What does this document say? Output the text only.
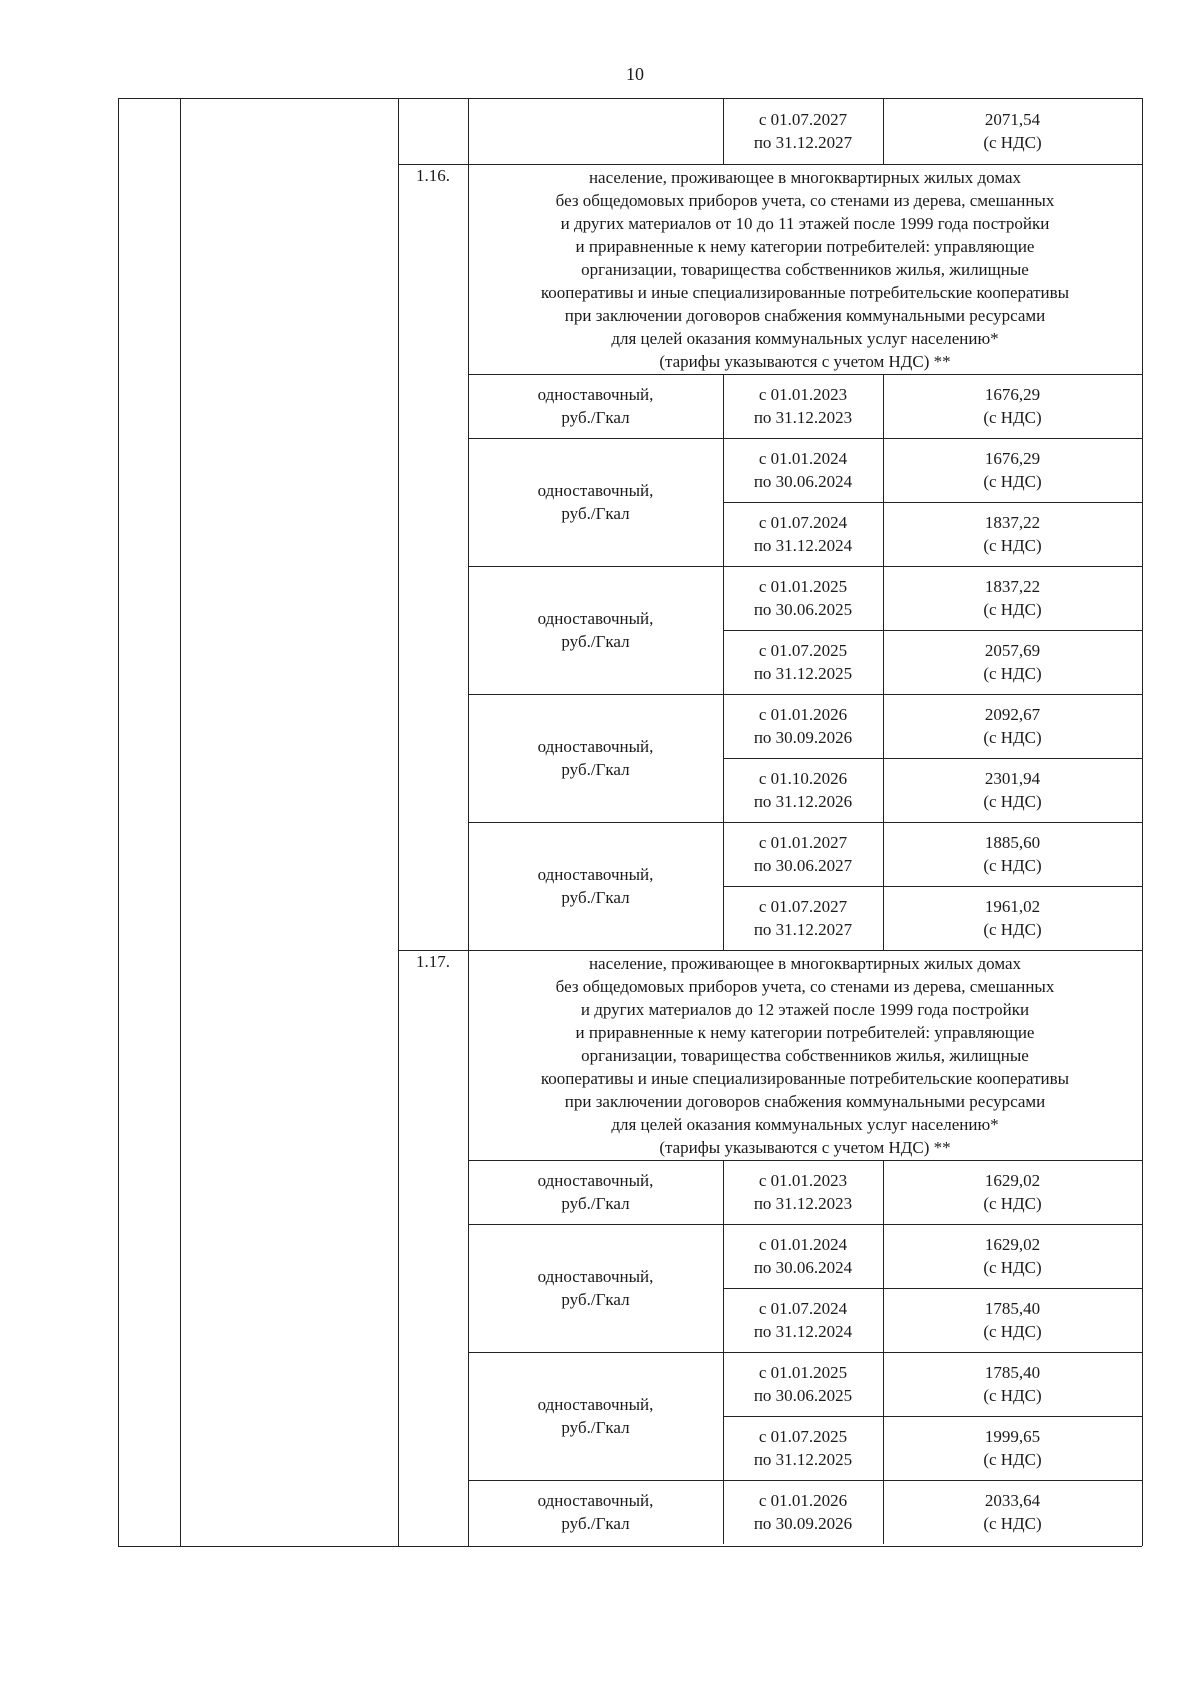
10
с 01.07.2027
по 31.12.2027
2071,54
(с НДС)
1.16.	население, проживающее в многоквартирных жилых домах
без общедомовых приборов учета, со стенами из дерева, смешанных
и других материалов от 10 до 11 этажей после 1999 года постройки
и приравненные к нему категории потребителей: управляющие
организации, товарищества собственников жилья, жилищные
кооперативы и иные специализированные потребительские кооперативы
при заключении договоров снабжения коммунальными ресурсами
для целей оказания коммунальных услуг населению*
(тарифы указываются с учетом НДС) **
одноставочный,
руб./Гкал
с 01.01.2023
по 31.12.2023
1676,29
(с НДС)
одноставочный,
руб./Гкал
с 01.01.2024
по 30.06.2024
1676,29
(с НДС)
с 01.07.2024
по 31.12.2024
1837,22
(с НДС)
одноставочный,
руб./Гкал
с 01.01.2025
по 30.06.2025
1837,22
(с НДС)
с 01.07.2025
по 31.12.2025
2057,69
(с НДС)
одноставочный,
руб./Гкал
с 01.01.2026
по 30.09.2026
2092,67
(с НДС)
с 01.10.2026
по 31.12.2026
2301,94
(с НДС)
одноставочный,
руб./Гкал
с 01.01.2027
по 30.06.2027
1885,60
(с НДС)
с 01.07.2027
по 31.12.2027
1961,02
(с НДС)
1.17.	население, проживающее в многоквартирных жилых домах
без общедомовых приборов учета, со стенами из дерева, смешанных
и других материалов до 12 этажей после 1999 года постройки
и приравненные к нему категории потребителей: управляющие
организации, товарищества собственников жилья, жилищные
кооперативы и иные специализированные потребительские кооперативы
при заключении договоров снабжения коммунальными ресурсами
для целей оказания коммунальных услуг населению*
(тарифы указываются с учетом НДС) **
одноставочный,
руб./Гкал
с 01.01.2023
по 31.12.2023
1629,02
(с НДС)
одноставочный,
руб./Гкал
с 01.01.2024
по 30.06.2024
1629,02
(с НДС)
с 01.07.2024
по 31.12.2024
1785,40
(с НДС)
одноставочный,
руб./Гкал
с 01.01.2025
по 30.06.2025
1785,40
(с НДС)
с 01.07.2025
по 31.12.2025
1999,65
(с НДС)
одноставочный,
руб./Гкал
с 01.01.2026
по 30.09.2026
2033,64
(с НДС)
